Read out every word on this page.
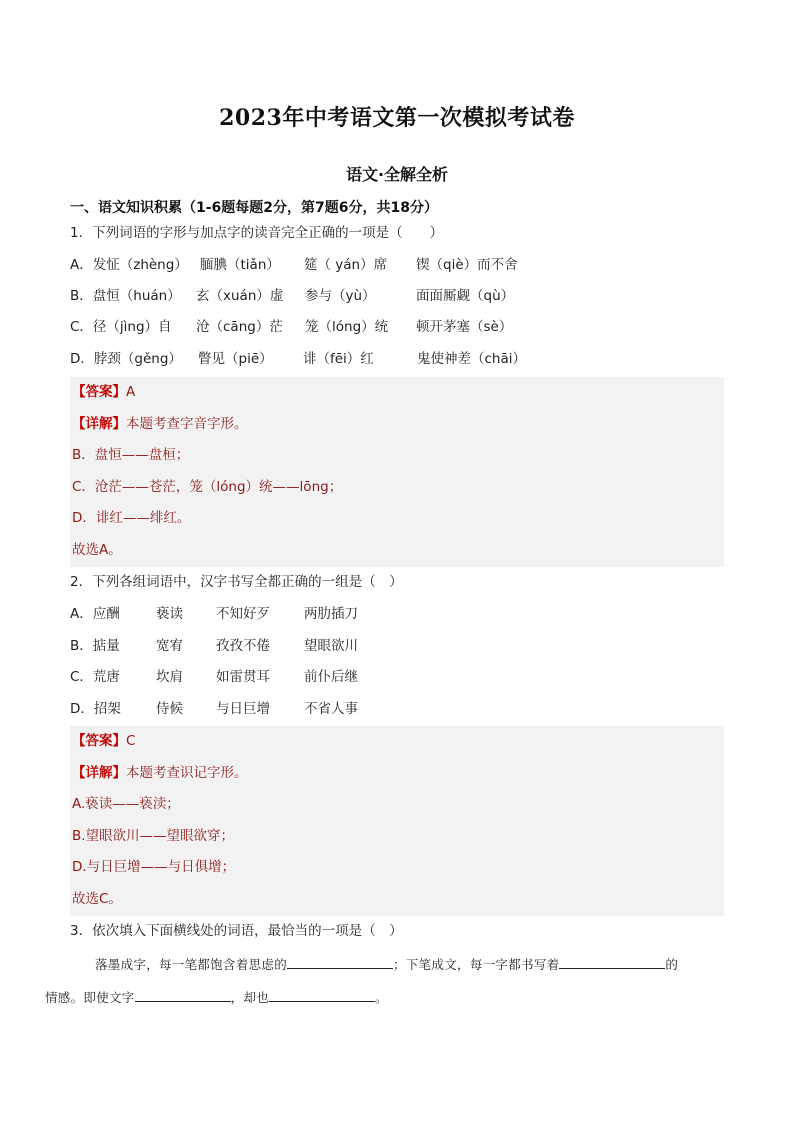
2023年中考语文第一次模拟考试卷
语文·全解全析
一、语文知识积累（1-6题每题2分，第7题6分，共18分）
1．下列词语的字形与加点字的读音完全正确的一项是（　　）
A．发怔（zhèng） 腼腆（tiǎn） 筵（ yán）席 锲（qiè）而不舍
B．盘恒（huán） 玄（xuán）虚 参与（yù）	面面厮觑（qù）
C．径（jìng）自 沧（cāng）茫 笼（lóng）统 顿开茅塞（sè）
D．脖颈（gěng） 瞥见（piē） 诽（fēi）红	鬼使神差（chāi）
【答案】A
【详解】本题考查字音字形。
B．盘恒——盘桓；
C．沧茫——苍茫，笼（lóng）统——lōng；
D．诽红——绯红。
故选A。
2．下列各组词语中，汉字书写全都正确的一组是（　）
A．应酬	亵读 不知好歹	两肋插刀
B．掂量	宽宥 孜孜不倦	望眼欲川
C．荒唐	坎肩 如雷贯耳	前仆后继
D．招架	侍候 与日巨增	不省人事
【答案】C
【详解】本题考查识记字形。
A.亵读——亵渎；
B.望眼欲川——望眼欲穿；
D.与日巨增——与日俱增；
故选C。
3．依次填入下面横线处的词语，最恰当的一项是（　）
落墨成字，每一笔都饱含着思虑的	；下笔成文，每一字都书写着	的
情感。即使文字	，却也	。
